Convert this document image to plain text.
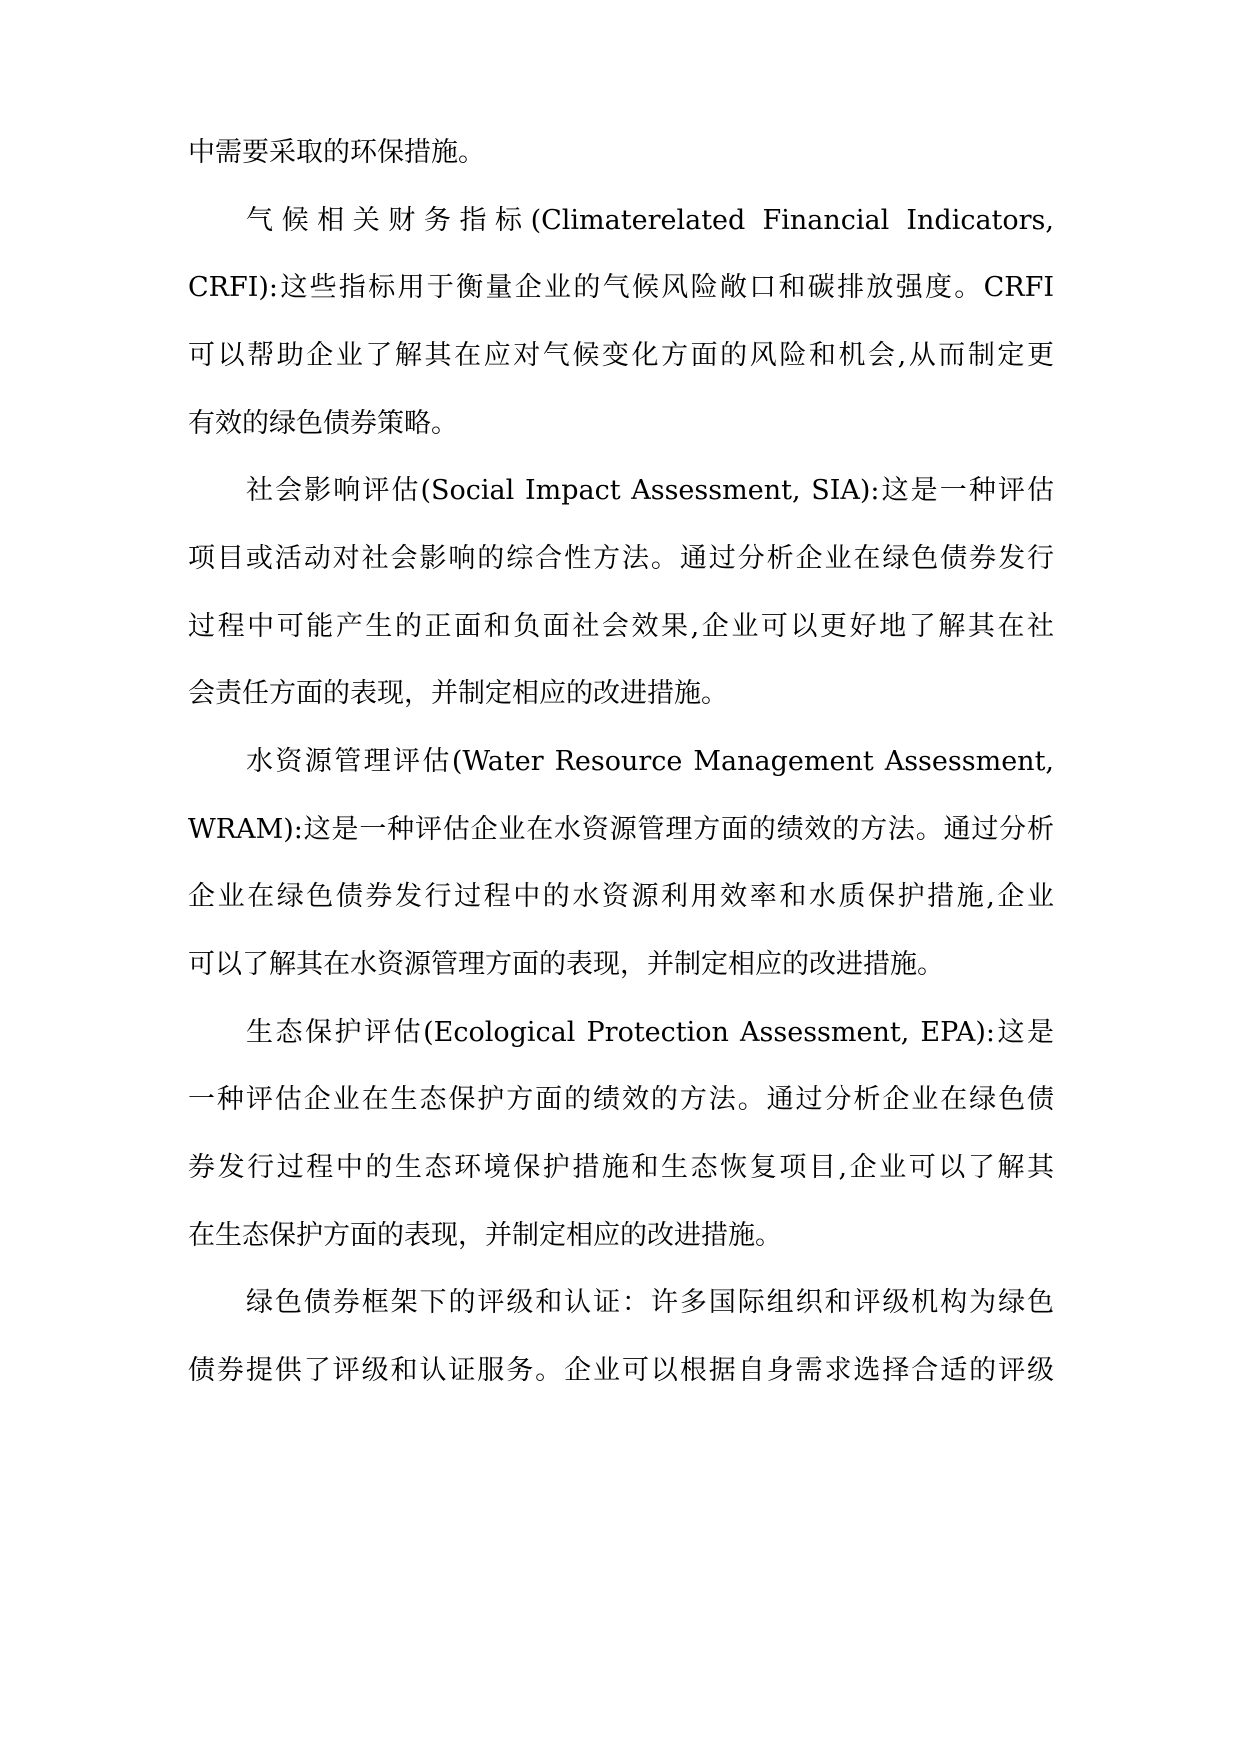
中需要采取的环保措施。

气候相关财务指标(Climaterelated Financial Indicators,

CRFI):这些指标用于衡量企业的气候风险敞口和碳排放强度。CRFI

可以帮助企业了解其在应对气候变化方面的风险和机会,从而制定更

有效的绿色债券策略。

社会影响评估(Social Impact Assessment, SIA):这是一种评估

项目或活动对社会影响的综合性方法。通过分析企业在绿色债券发行

过程中可能产生的正面和负面社会效果,企业可以更好地了解其在社

会责任方面的表现，并制定相应的改进措施。

水资源管理评估(Water Resource Management Assessment,

WRAM):这是一种评估企业在水资源管理方面的绩效的方法。通过分析

企业在绿色债券发行过程中的水资源利用效率和水质保护措施,企业

可以了解其在水资源管理方面的表现，并制定相应的改进措施。

生态保护评估(Ecological Protection Assessment, EPA):这是

一种评估企业在生态保护方面的绩效的方法。通过分析企业在绿色债

券发行过程中的生态环境保护措施和生态恢复项目,企业可以了解其

在生态保护方面的表现，并制定相应的改进措施。

绿色债券框架下的评级和认证：许多国际组织和评级机构为绿色

债券提供了评级和认证服务。企业可以根据自身需求选择合适的评级
